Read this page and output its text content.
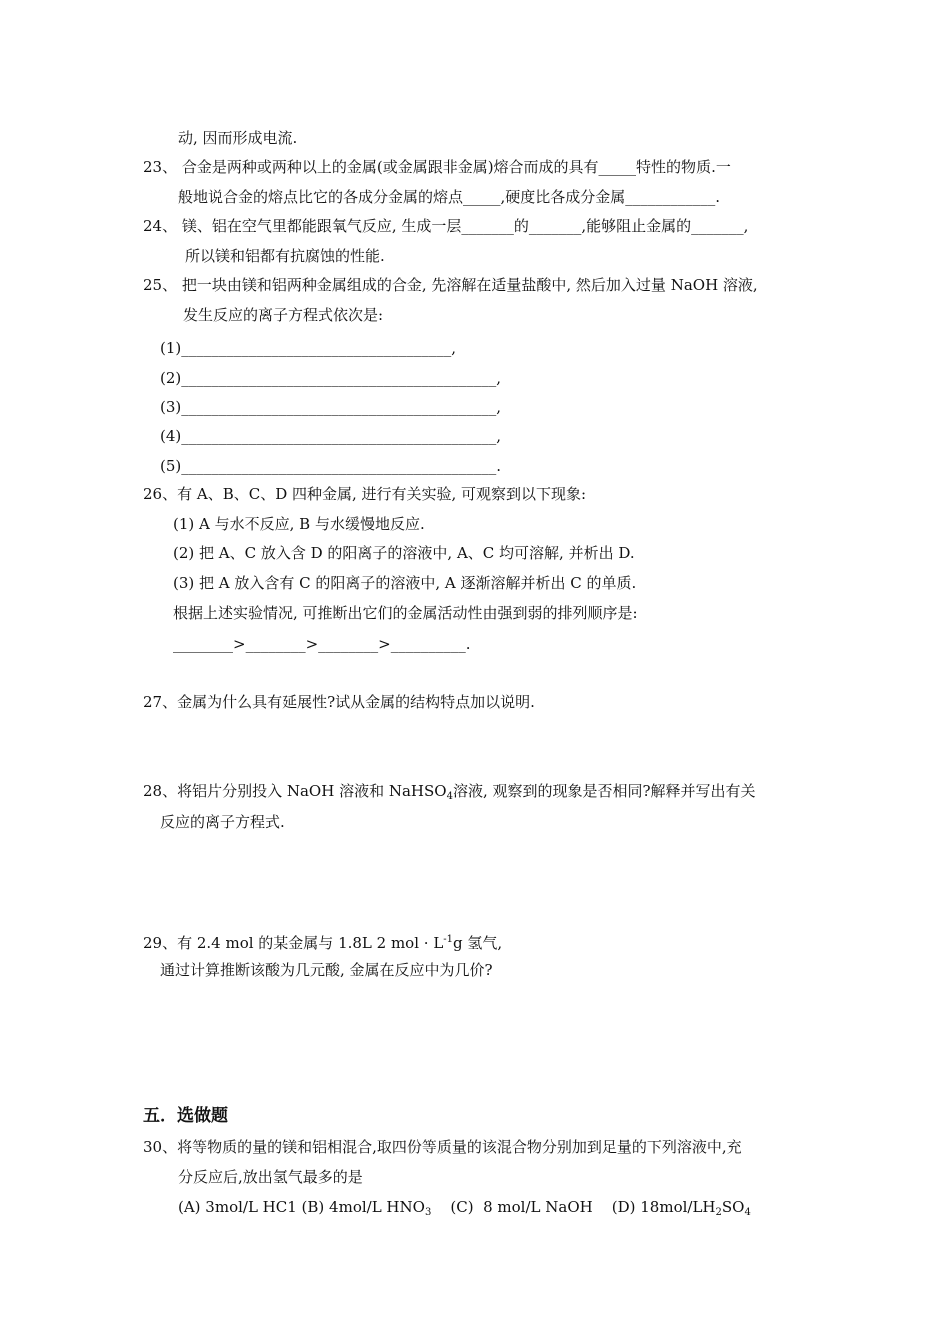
动, 因而形成电流.
23、 合金是两种或两种以上的金属(或金属跟非金属)熔合而成的具有_____特性的物质.一
般地说合金的熔点比它的各成分金属的熔点_____,硬度比各成分金属____________.
24、 镁、铝在空气里都能跟氧气反应, 生成一层_______的_______,能够阻止金属的_______,
所以镁和铝都有抗腐蚀的性能.
25、 把一块由镁和铝两种金属组成的合金, 先溶解在适量盐酸中, 然后加入过量 NaOH 溶液,
发生反应的离子方程式依次是:
(1)____________________________________,
(2)__________________________________________,
(3)__________________________________________,
(4)__________________________________________,
(5)__________________________________________.
26、有 A、B、C、D 四种金属, 进行有关实验, 可观察到以下现象:
(1) A 与水不反应, B 与水缓慢地反应.
(2) 把 A、C 放入含 D 的阳离子的溶液中, A、C 均可溶解, 并析出 D.
(3) 把 A 放入含有 C 的阳离子的溶液中, A 逐渐溶解并析出 C 的单质.
根据上述实验情况, 可推断出它们的金属活动性由强到弱的排列顺序是:
________>________>________>__________.
27、金属为什么具有延展性?试从金属的结构特点加以说明.
28、将铝片分别投入 NaOH 溶液和 NaHSO$_4$溶液, 观察到的现象是否相同?解释并写出有关
反应的离子方程式.
29、有 2.4 mol 的某金属与 1.8L 2 mol · $L^{-1}g$ 氢气,
通过计算推断该酸为几元酸, 金属在反应中为几价?
五．选做题
30、将等物质的量的镁和铝相混合,取四份等质量的该混合物分别加到足量的下列溶液中,充
分反应后,放出氢气最多的是
(A) 3mol/L HC1 (B) 4mol/L $HNO_3$    (C)  8 mol/L NaOH    (D) $18mol/LH_2SO_4$
